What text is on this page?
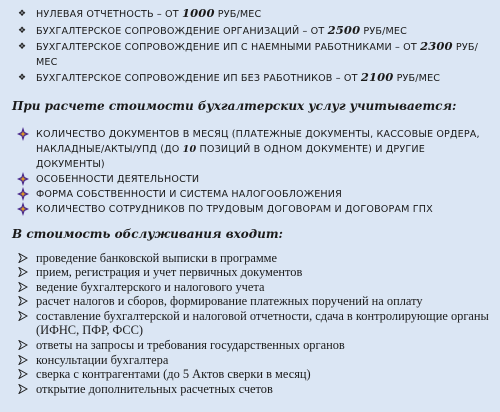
❖ НУЛЕВАЯ ОТЧЕТНОСТЬ – ОТ 1000 РУБ/МЕС
❖ БУХГАЛТЕРСКОЕ СОПРОВОЖДЕНИЕ ОРГАНИЗАЦИЙ – ОТ 2500 РУБ/МЕС
❖ БУХГАЛТЕРСКОЕ СОПРОВОЖДЕНИЕ ИП С НАЕМНЫМИ РАБОТНИКАМИ – ОТ 2300 РУБ/МЕС
❖ БУХГАЛТЕРСКОЕ СОПРОВОЖДЕНИЕ ИП БЕЗ РАБОТНИКОВ – ОТ 2100 РУБ/МЕС

При расчете стоимости бухгалтерских услуг учитывается:

КОЛИЧЕСТВО ДОКУМЕНТОВ В МЕСЯЦ (ПЛАТЕЖНЫЕ ДОКУМЕНТЫ, КАССОВЫЕ ОРДЕРА, НАКЛАДНЫЕ/АКТЫ/УПД (ДО 10 ПОЗИЦИЙ В ОДНОМ ДОКУМЕНТЕ) И ДРУГИЕ ДОКУМЕНТЫ)
ОСОБЕННОСТИ ДЕЯТЕЛЬНОСТИ
ФОРМА СОБСТВЕННОСТИ И СИСТЕМА НАЛОГООБЛОЖЕНИЯ
КОЛИЧЕСТВО СОТРУДНИКОВ ПО ТРУДОВЫМ ДОГОВОРАМ И ДОГОВОРАМ ГПХ

В стоимость обслуживания входит:

проведение банковской выписки в программе
прием, регистрация и учет первичных документов
ведение бухгалтерского и налогового учета
расчет налогов и сборов, формирование платежных поручений на оплату
составление бухгалтерской и налоговой отчетности, сдача в контролирующие органы (ИФНС, ПФР, ФСС)
ответы на запросы и требования государственных органов
консультации бухгалтера
сверка с контрагентами (до 5 Актов сверки в месяц)
открытие дополнительных расчетных счетов
